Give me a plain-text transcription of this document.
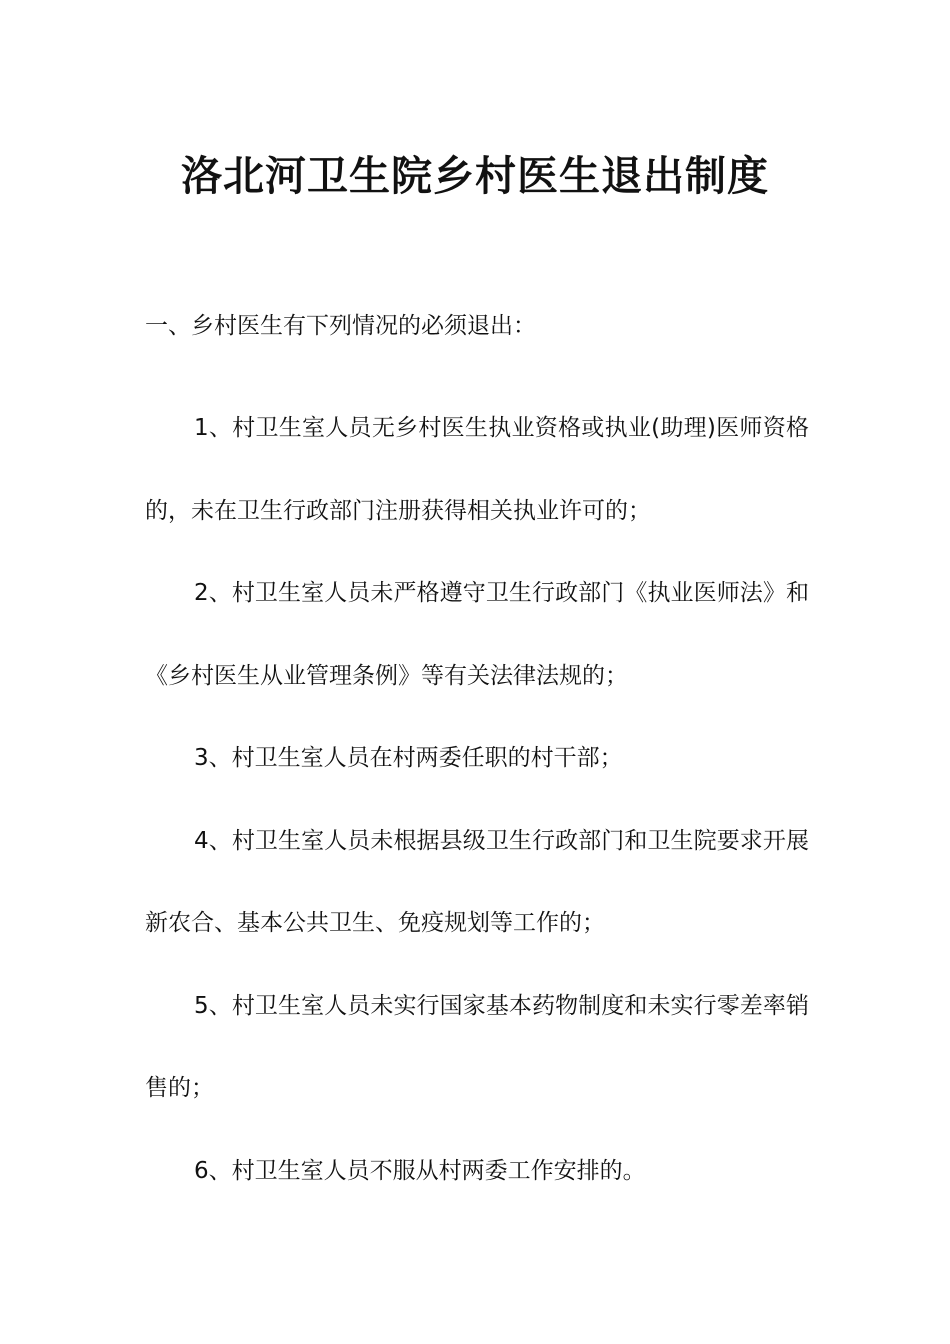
洛北河卫生院乡村医生退出制度

一、乡村医生有下列情况的必须退出：

1、村卫生室人员无乡村医生执业资格或执业(助理)医师资格的，未在卫生行政部门注册获得相关执业许可的；

2、村卫生室人员未严格遵守卫生行政部门《执业医师法》和《乡村医生从业管理条例》等有关法律法规的；

3、村卫生室人员在村两委任职的村干部；

4、村卫生室人员未根据县级卫生行政部门和卫生院要求开展新农合、基本公共卫生、免疫规划等工作的；

5、村卫生室人员未实行国家基本药物制度和未实行零差率销售的；

6、村卫生室人员不服从村两委工作安排的。
